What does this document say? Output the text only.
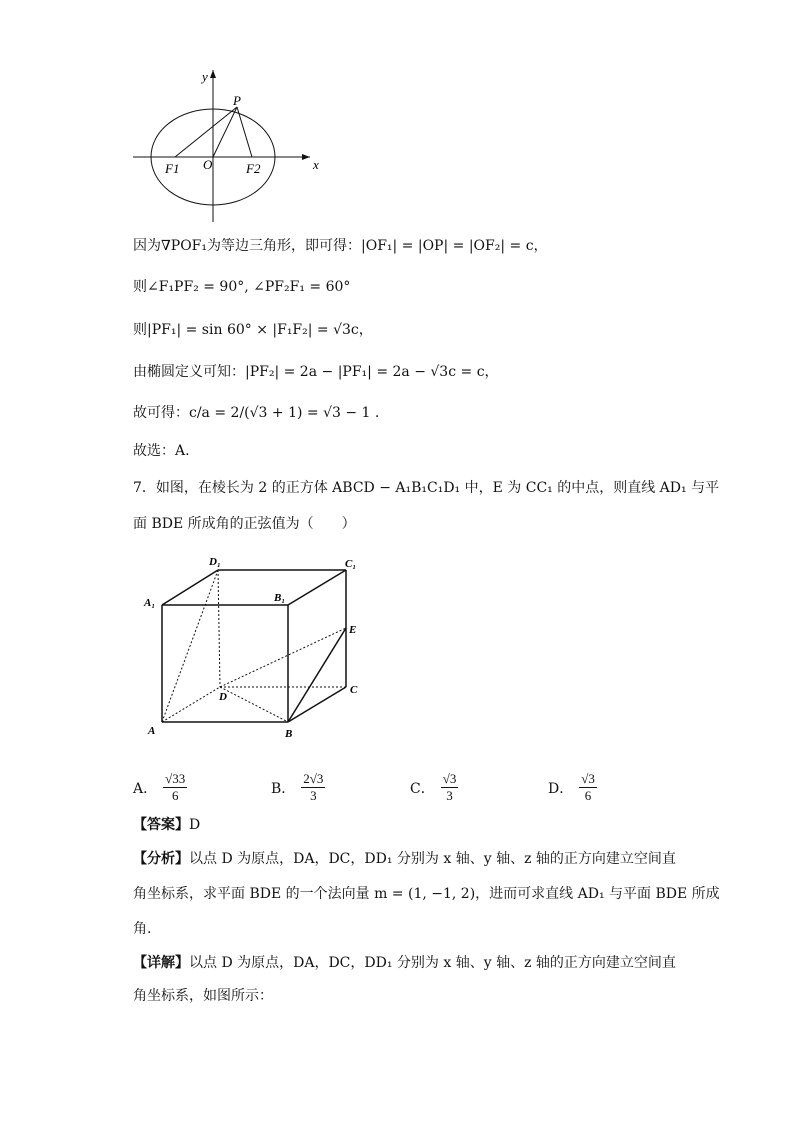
y
x
P
O
F1	F2
因为∇POF₁为等边三角形，即可得：|OF₁| = |OP| = |OF₂| = c，
则∠F₁PF₂ = 90°, ∠PF₂F₁ = 60°
则|PF₁| = sin 60° × |F₁F₂| = √3c，
由椭圆定义可知：|PF₂| = 2a − |PF₁| = 2a − √3c = c，
故可得：c/a = 2/(√3 + 1) = √3 − 1 .
故选：A.
7．如图，在棱长为 2 的正方体 ABCD − A₁B₁C₁D₁ 中，E 为 CC₁ 的中点，则直线 AD₁ 与平
面 BDE 所成角的正弦值为（　　）
D₁	C₁
A₁	B₁
E
D
C
A	B
A． $\frac{√33}{6}$	B． $\frac{2√3}{3}$	C． $\frac{√3}{3}$	D． $\frac{√3}{6}$
【答案】D
【分析】以点 D 为原点，DA，DC，DD₁ 分别为 x 轴、y 轴、z 轴的正方向建立空间直
角坐标系，求平面 BDE 的一个法向量 m = (1, −1, 2)，进而可求直线 AD₁ 与平面 BDE 所成
角.
【详解】以点 D 为原点，DA，DC，DD₁ 分别为 x 轴、y 轴、z 轴的正方向建立空间直
角坐标系，如图所示：
